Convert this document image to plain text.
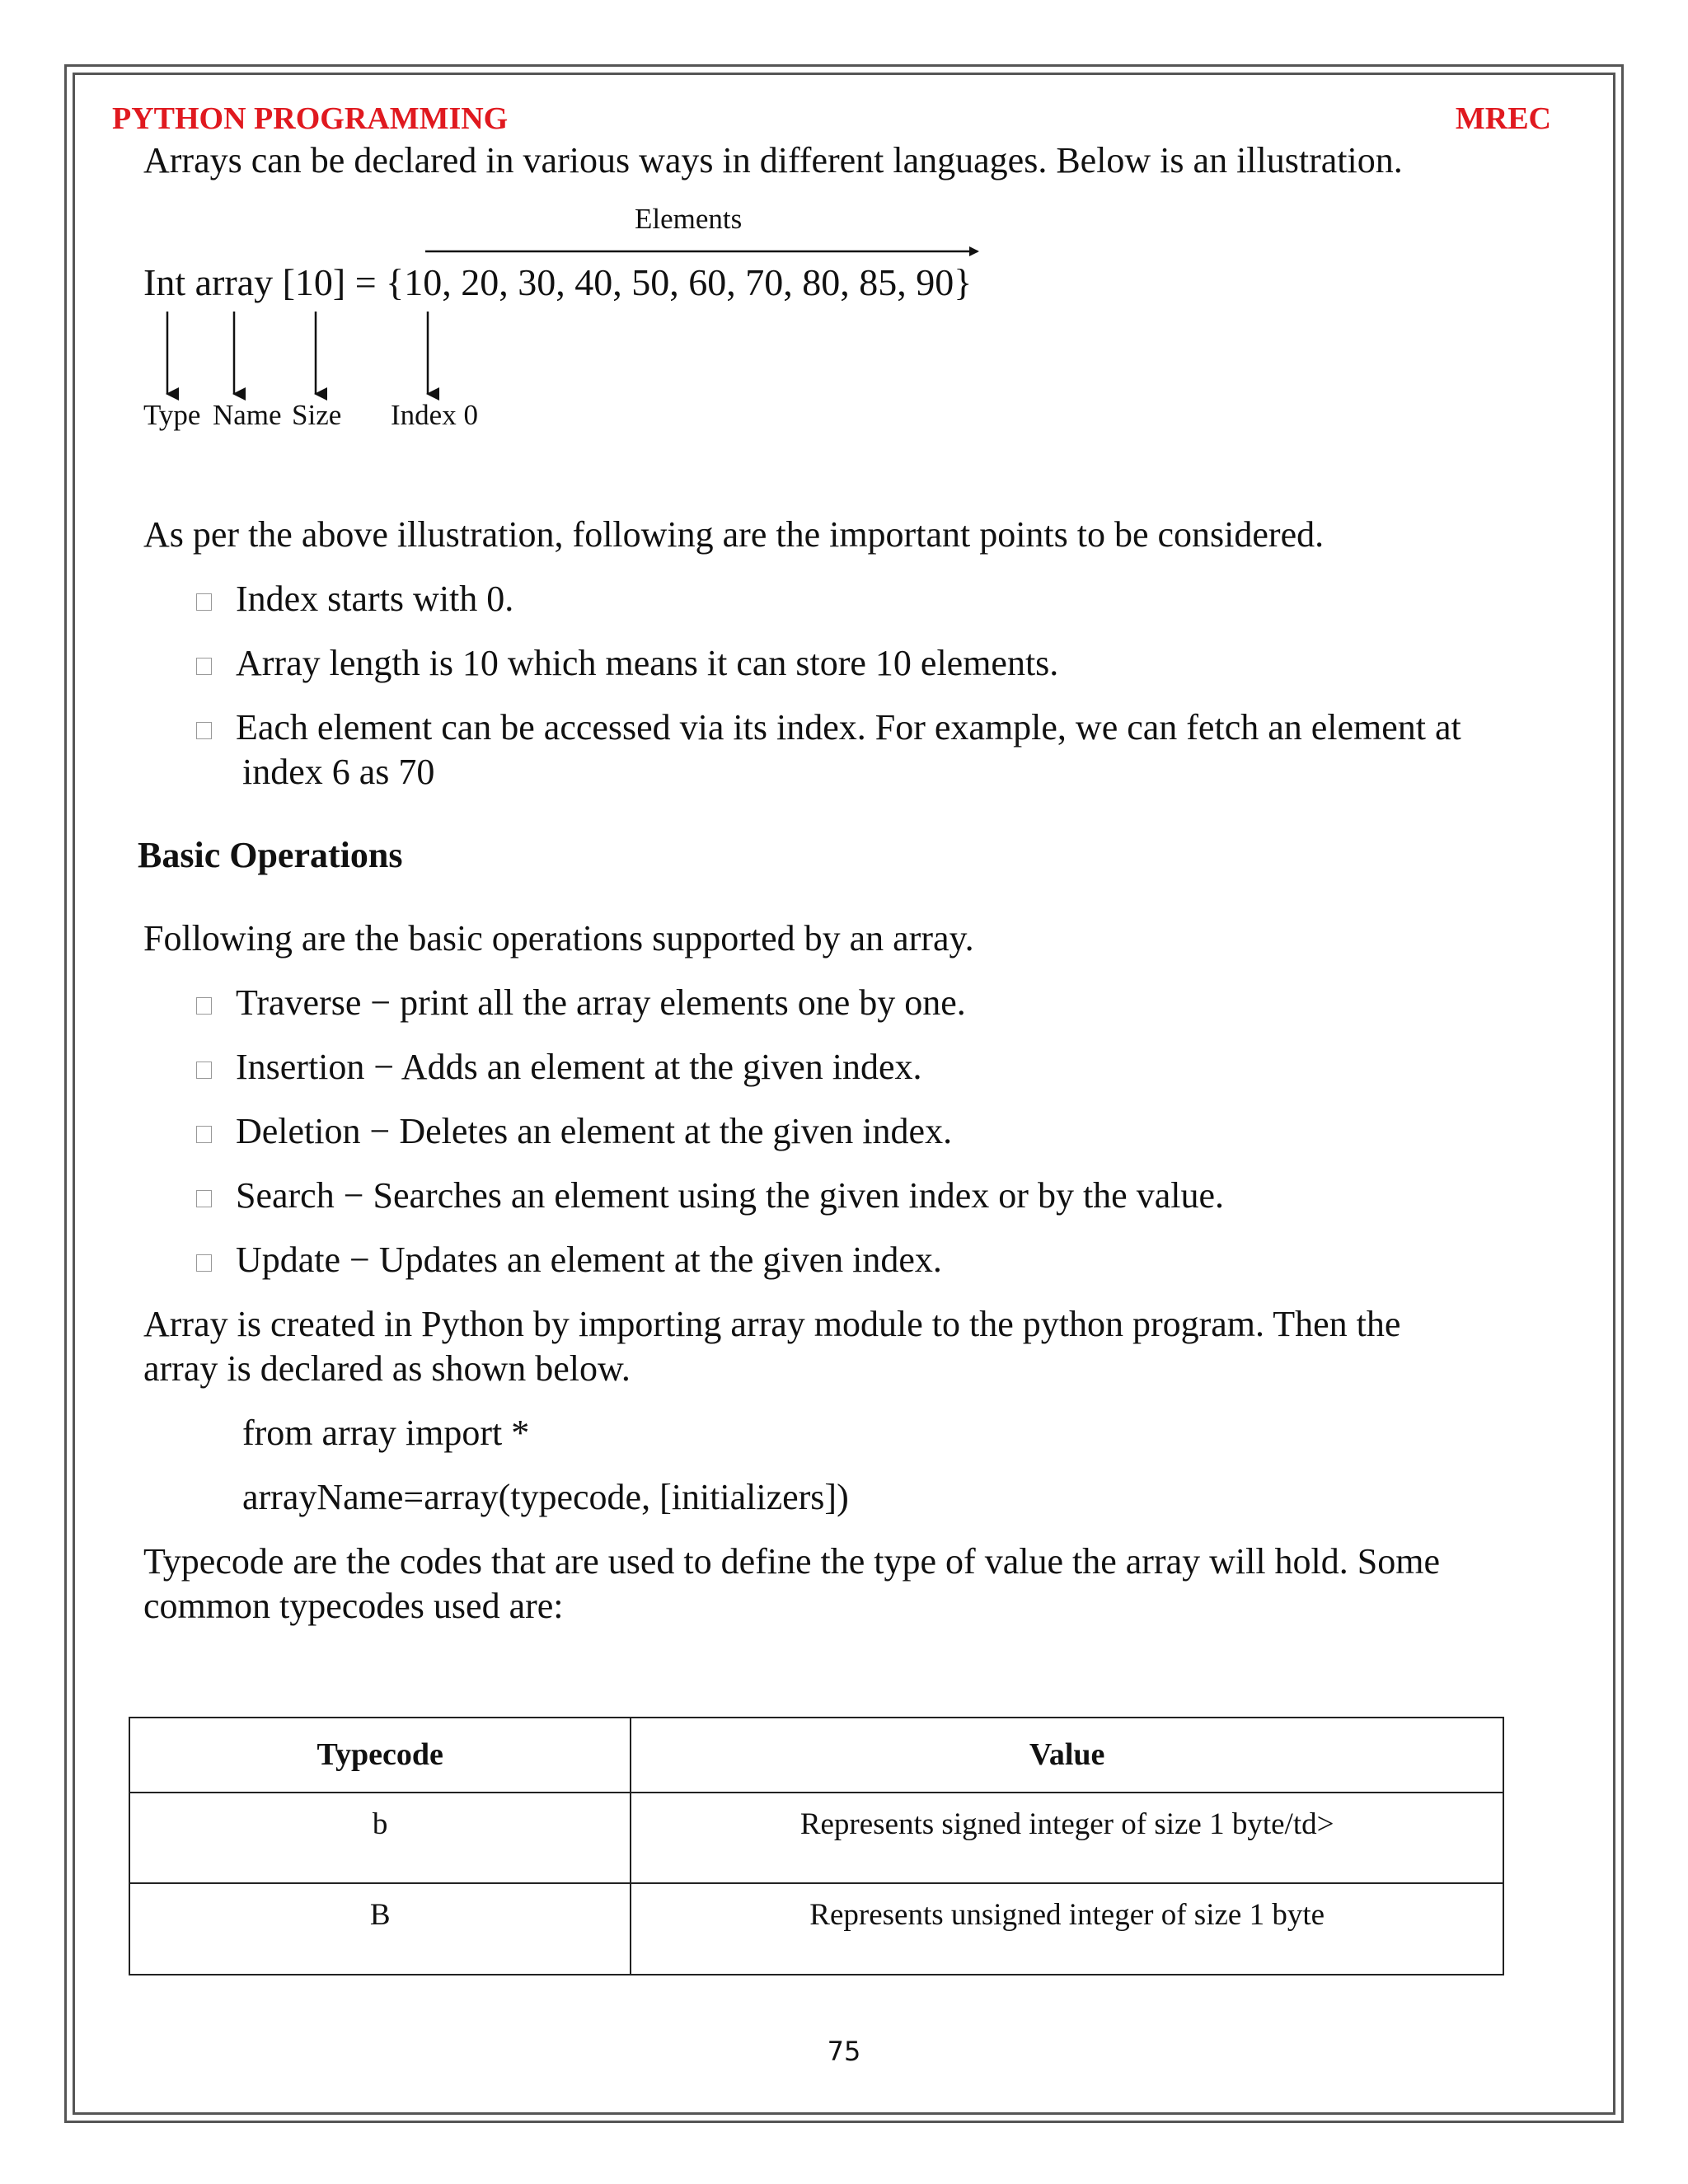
PYTHON PROGRAMMING	MREC
Arrays can be declared in various ways in different languages. Below is an illustration.
Elements
Int array [10] = {10, 20, 30, 40, 50, 60, 70, 80, 85, 90}
Type Name Size Index 0
As per the above illustration, following are the important points to be considered.
Index starts with 0.
Array length is 10 which means it can store 10 elements.
Each element can be accessed via its index. For example, we can fetch an element at
index 6 as 70
Basic Operations
Following are the basic operations supported by an array.
Traverse − print all the array elements one by one.
Insertion − Adds an element at the given index.
Deletion − Deletes an element at the given index.
Search − Searches an element using the given index or by the value.
Update − Updates an element at the given index.
Array is created in Python by importing array module to the python program. Then the
array is declared as shown below.
from array import *
arrayName=array(typecode, [initializers])
Typecode are the codes that are used to define the type of value the array will hold. Some
common typecodes used are:
Typecode	Value
b	Represents signed integer of size 1 byte/td>
B	Represents unsigned integer of size 1 byte
75
